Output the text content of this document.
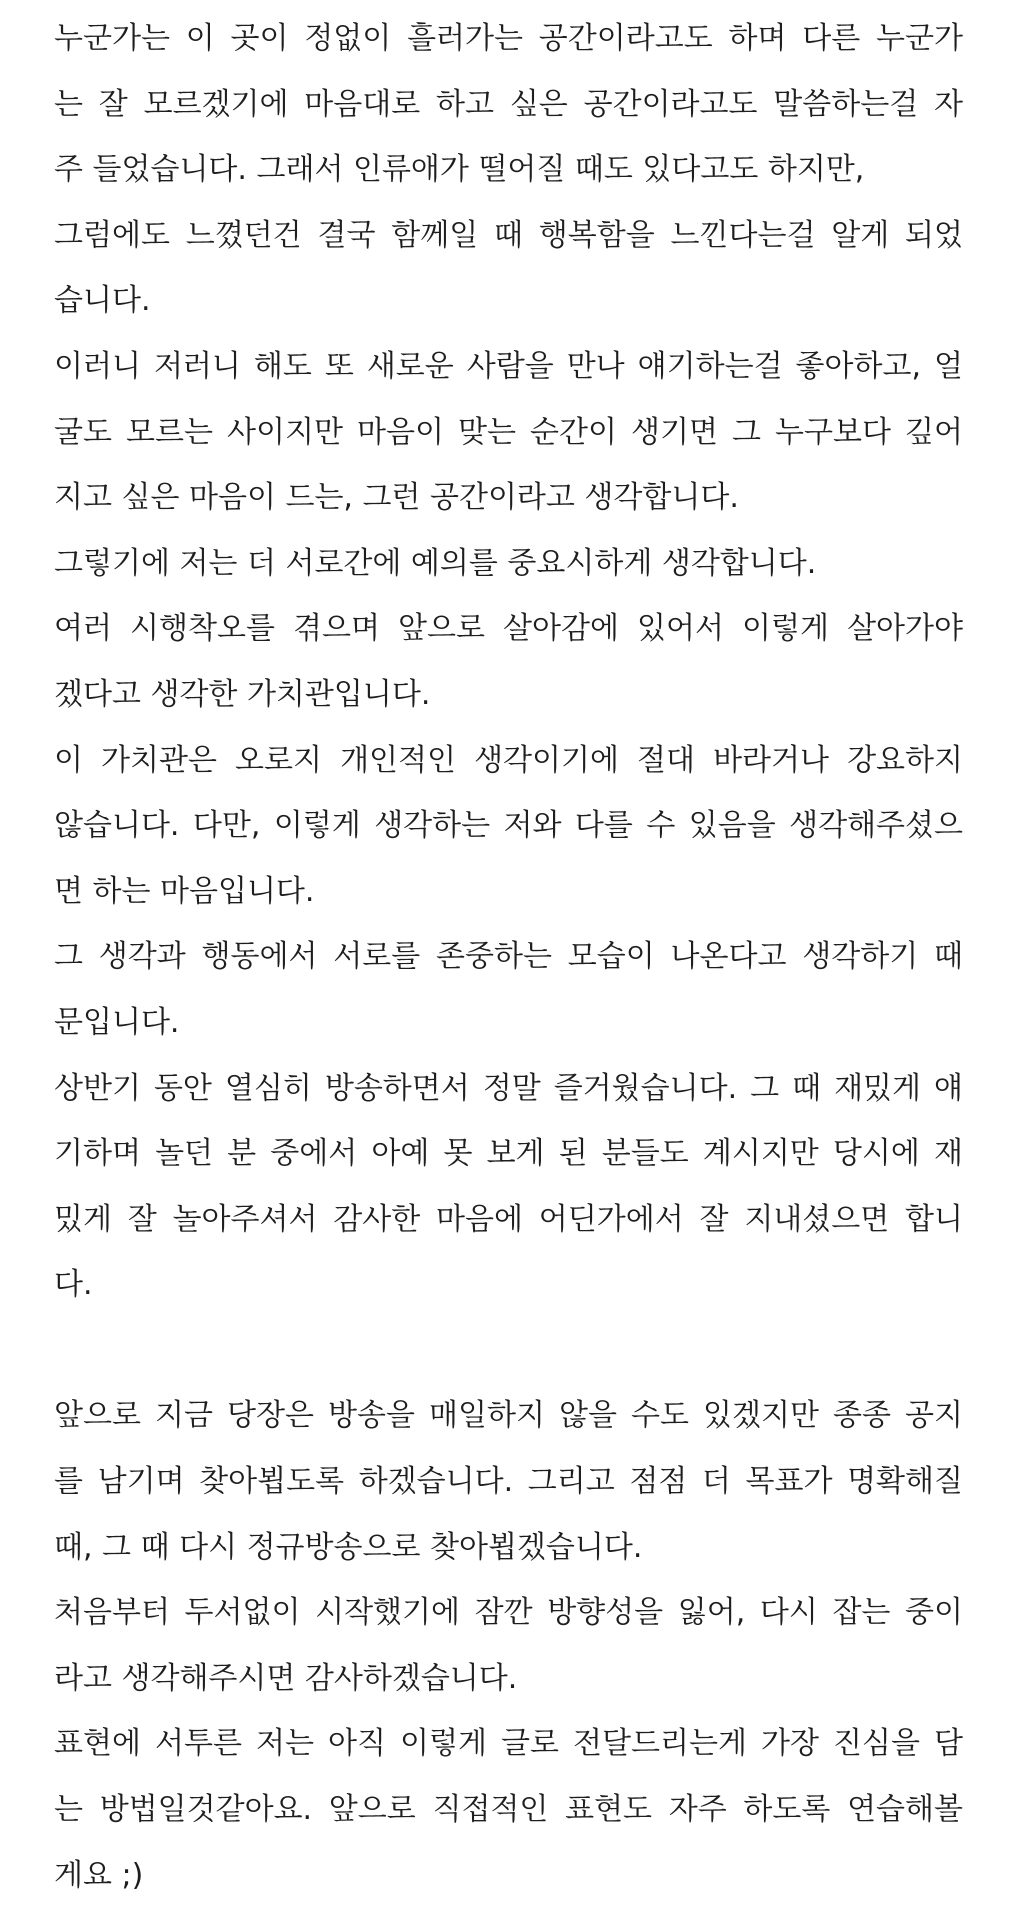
누군가는 이 곳이 정없이 흘러가는 공간이라고도 하며 다른 누군가
는 잘 모르겠기에 마음대로 하고 싶은 공간이라고도 말씀하는걸 자
주 들었습니다. 그래서 인류애가 떨어질 때도 있다고도 하지만,
그럼에도 느꼈던건 결국 함께일 때 행복함을 느낀다는걸 알게 되었
습니다.
이러니 저러니 해도 또 새로운 사람을 만나 얘기하는걸 좋아하고, 얼
굴도 모르는 사이지만 마음이 맞는 순간이 생기면 그 누구보다 깊어
지고 싶은 마음이 드는, 그런 공간이라고 생각합니다.
그렇기에 저는 더 서로간에 예의를 중요시하게 생각합니다.
여러 시행착오를 겪으며 앞으로 살아감에 있어서 이렇게 살아가야
겠다고 생각한 가치관입니다.
이 가치관은 오로지 개인적인 생각이기에 절대 바라거나 강요하지
않습니다. 다만, 이렇게 생각하는 저와 다를 수 있음을 생각해주셨으
면 하는 마음입니다.
그 생각과 행동에서 서로를 존중하는 모습이 나온다고 생각하기 때
문입니다.
상반기 동안 열심히 방송하면서 정말 즐거웠습니다. 그 때 재밌게 얘
기하며 놀던 분 중에서 아예 못 보게 된 분들도 계시지만 당시에 재
밌게 잘 놀아주셔서 감사한 마음에 어딘가에서 잘 지내셨으면 합니
다.
앞으로 지금 당장은 방송을 매일하지 않을 수도 있겠지만 종종 공지
를 남기며 찾아뵙도록 하겠습니다. 그리고 점점 더 목표가 명확해질
때, 그 때 다시 정규방송으로 찾아뵙겠습니다.
처음부터 두서없이 시작했기에 잠깐 방향성을 잃어, 다시 잡는 중이
라고 생각해주시면 감사하겠습니다.
표현에 서투른 저는 아직 이렇게 글로 전달드리는게 가장 진심을 담
는 방법일것같아요. 앞으로 직접적인 표현도 자주 하도록 연습해볼
게요 ;)
